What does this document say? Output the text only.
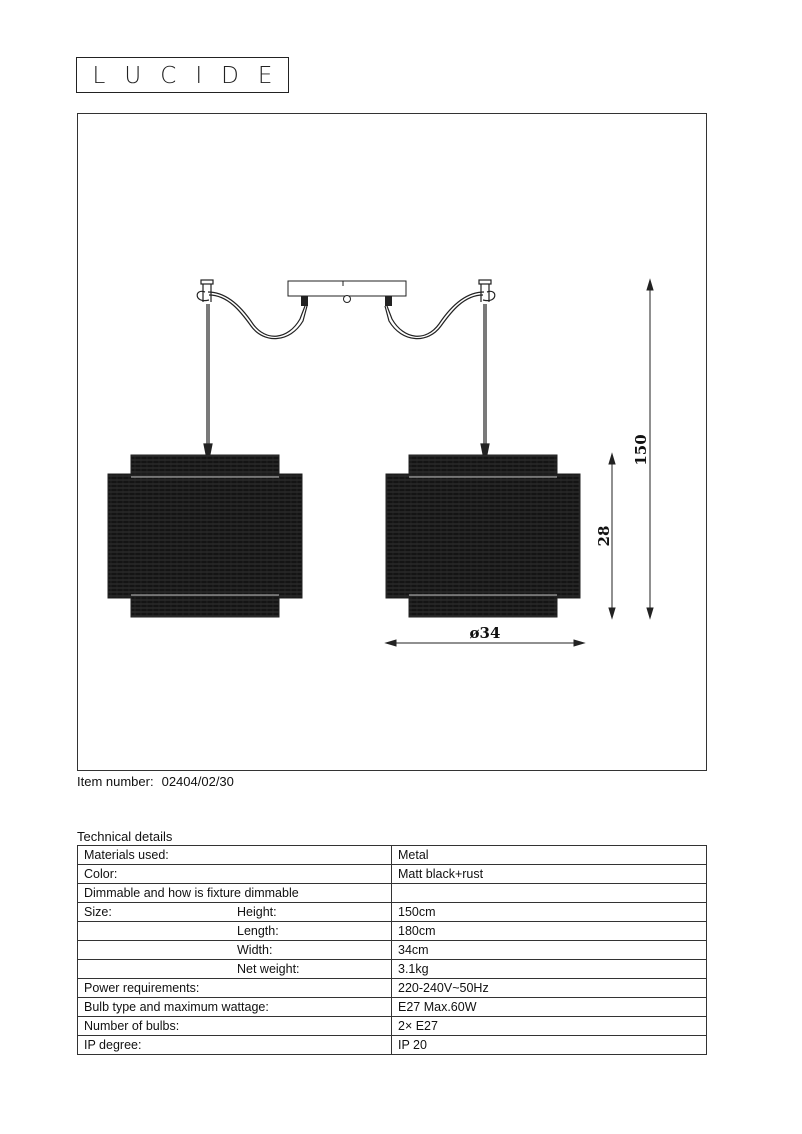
L U C I D E
150
28
ø34
Item number: 02404/02/30
Technical details
Materials used:	Metal

Color:	Matt black+rust

Dimmable and how is fixture dimmable	

Size: Height:	150cm

Length:	180cm

Width:	34cm

Net weight:	3.1kg

Power requirements:	220-240V~50Hz

Bulb type and maximum wattage:	E27 Max.60W

Number of bulbs:	2× E27

IP degree:	IP 20
